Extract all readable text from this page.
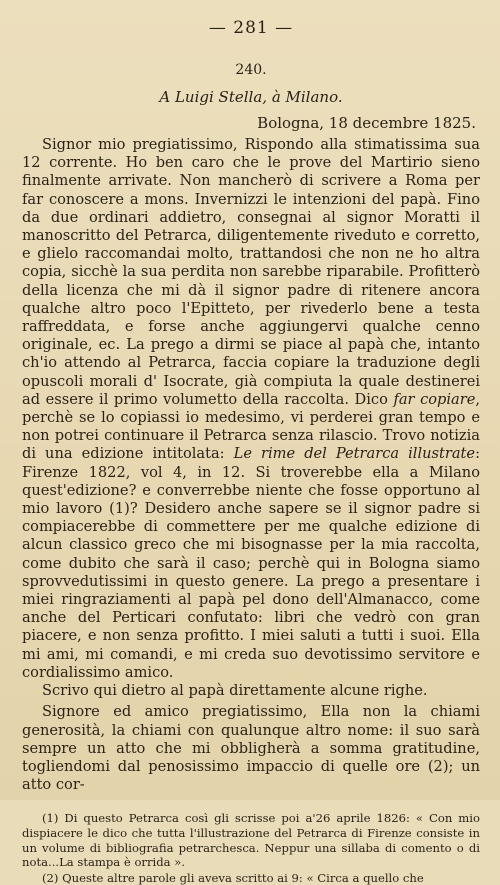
— 281 —
240.
A Luigi Stella, à Milano.
Bologna, 18 decembre 1825.

Signor mio pregiatissimo, Rispondo alla stimatissima sua 12 corrente. Ho ben caro che le prove del Martirio sieno finalmente arrivate. Non mancherò di scrivere a Roma per far conoscere a mons. Invernizzi le intenzioni del papà. Fino da due ordinari addietro, consegnai al signor Moratti il manoscritto del Petrarca, diligentemente riveduto e corretto, e glielo raccomandai molto, trattandosi che non ne ho altra copia, sicchè la sua perdita non sarebbe riparabile. Profitterò della licenza che mi dà il signor padre di ritenere ancora qualche altro poco l'Epitteto, per rivederlo bene a testa raffreddata, e forse anche aggiungervi qualche cenno originale, ec. La prego a dirmi se piace al papà che, intanto ch'io attendo al Petrarca, faccia copiare la traduzione degli opuscoli morali d' Isocrate, già compiuta la quale destinerei ad essere il primo volumetto della raccolta. Dico far copiare, perchè se lo copiassi io medesimo, vi perderei gran tempo e non potrei continuare il Petrarca senza rilascio. Trovo notizia di una edizione intitolata: Le rime del Petrarca illustrate: Firenze 1822, vol 4, in 12. Si troverebbe ella a Milano quest'edizione? e converrebbe niente che fosse opportuno al mio lavoro (1)? Desidero anche sapere se il signor padre si compiacerebbe di commettere per me qualche edizione di alcun classico greco che mi bisognasse per la mia raccolta, come dubito che sarà il caso; perchè qui in Bologna siamo sprovvedutissimi in questo genere. La prego a presentare i miei ringraziamenti al papà pel dono dell'Almanacco, come anche del Perticari confutato: libri che vedrò con gran piacere, e non senza profitto. I miei saluti a tutti i suoi. Ella mi ami, mi comandi, e mi creda suo devotissimo servitore e cordialissimo amico.

Scrivo qui dietro al papà direttamente alcune righe.

Signore ed amico pregiatissimo, Ella non la chiami generosità, la chiami con qualunque altro nome: il suo sarà sempre un atto che mi obbligherà a somma gratitudine, togliendomi dal penosissimo impaccio di quelle ore (2); un atto cor-

(1) Di questo Petrarca così gli scrisse poi a'26 aprile 1826: « Con mio dispiacere le dico che tutta l'illustrazione del Petrarca di Firenze consiste in un volume di bibliografia petrarchesca. Neppur una sillaba di comento o di nota...La stampa è orrida ».

(2) Queste altre parole gli aveva scritto ai 9: « Circa a quello che
